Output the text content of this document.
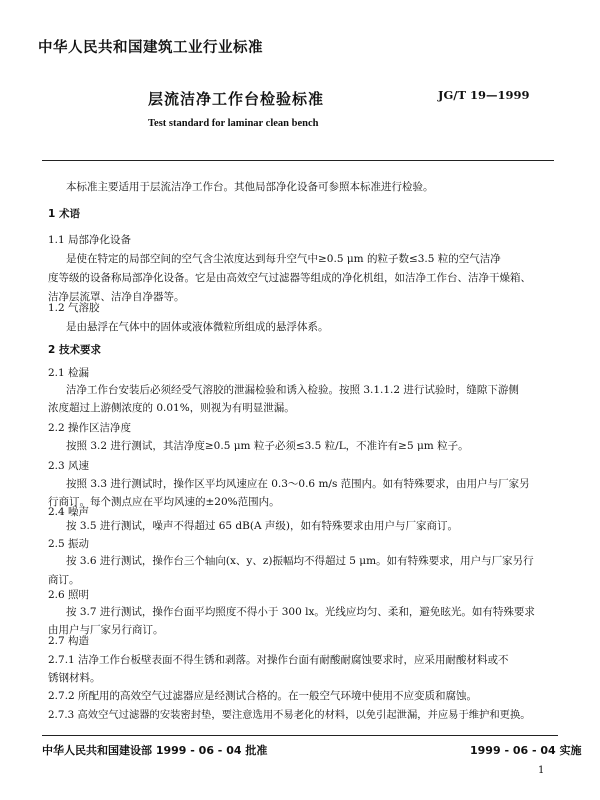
中华人民共和国建筑工业行业标准
层流洁净工作台检验标准	JG/T 19—1999
Test standard for laminar clean bench
本标准主要适用于层流洁净工作台。其他局部净化设备可参照本标准进行检验。
1 术语
1.1 局部净化设备
是使在特定的局部空间的空气含尘浓度达到每升空气中≥0.5 μm 的粒子数≤3.5 粒的空气洁净
度等级的设备称局部净化设备。它是由高效空气过滤器等组成的净化机组，如洁净工作台、洁净干燥箱、
洁净层流罩、洁净自净器等。
1.2 气溶胶
是由悬浮在气体中的固体或液体微粒所组成的悬浮体系。
2 技术要求
2.1 检漏
洁净工作台安装后必须经受气溶胶的泄漏检验和诱入检验。按照 3.1.1.2 进行试验时，缝隙下游侧
浓度超过上游侧浓度的 0.01%，则视为有明显泄漏。
2.2 操作区洁净度
按照 3.2 进行测试，其洁净度≥0.5 μm 粒子必须≤3.5 粒/L，不准许有≥5 μm 粒子。
2.3 风速
按照 3.3 进行测试时，操作区平均风速应在 0.3～0.6 m/s 范围内。如有特殊要求，由用户与厂家另
行商订。每个测点应在平均风速的±20%范围内。
2.4 噪声
按 3.5 进行测试，噪声不得超过 65 dB(A 声级)，如有特殊要求由用户与厂家商订。
2.5 振动
按 3.6 进行测试，操作台三个轴向(x、y、z)振幅均不得超过 5 μm。如有特殊要求，用户与厂家另行
商订。
2.6 照明
按 3.7 进行测试，操作台面平均照度不得小于 300 lx。光线应均匀、柔和，避免眩光。如有特殊要求
由用户与厂家另行商订。
2.7 构造
2.7.1 洁净工作台板壁表面不得生锈和剥落。对操作台面有耐酸耐腐蚀要求时，应采用耐酸材料或不
锈钢材料。
2.7.2 所配用的高效空气过滤器应是经测试合格的。在一般空气环境中使用不应变质和腐蚀。
2.7.3 高效空气过滤器的安装密封垫，要注意选用不易老化的材料，以免引起泄漏，并应易于维护和更换。
中华人民共和国建设部 1999 - 06 - 04 批准	1999 - 06 - 04 实施
1
